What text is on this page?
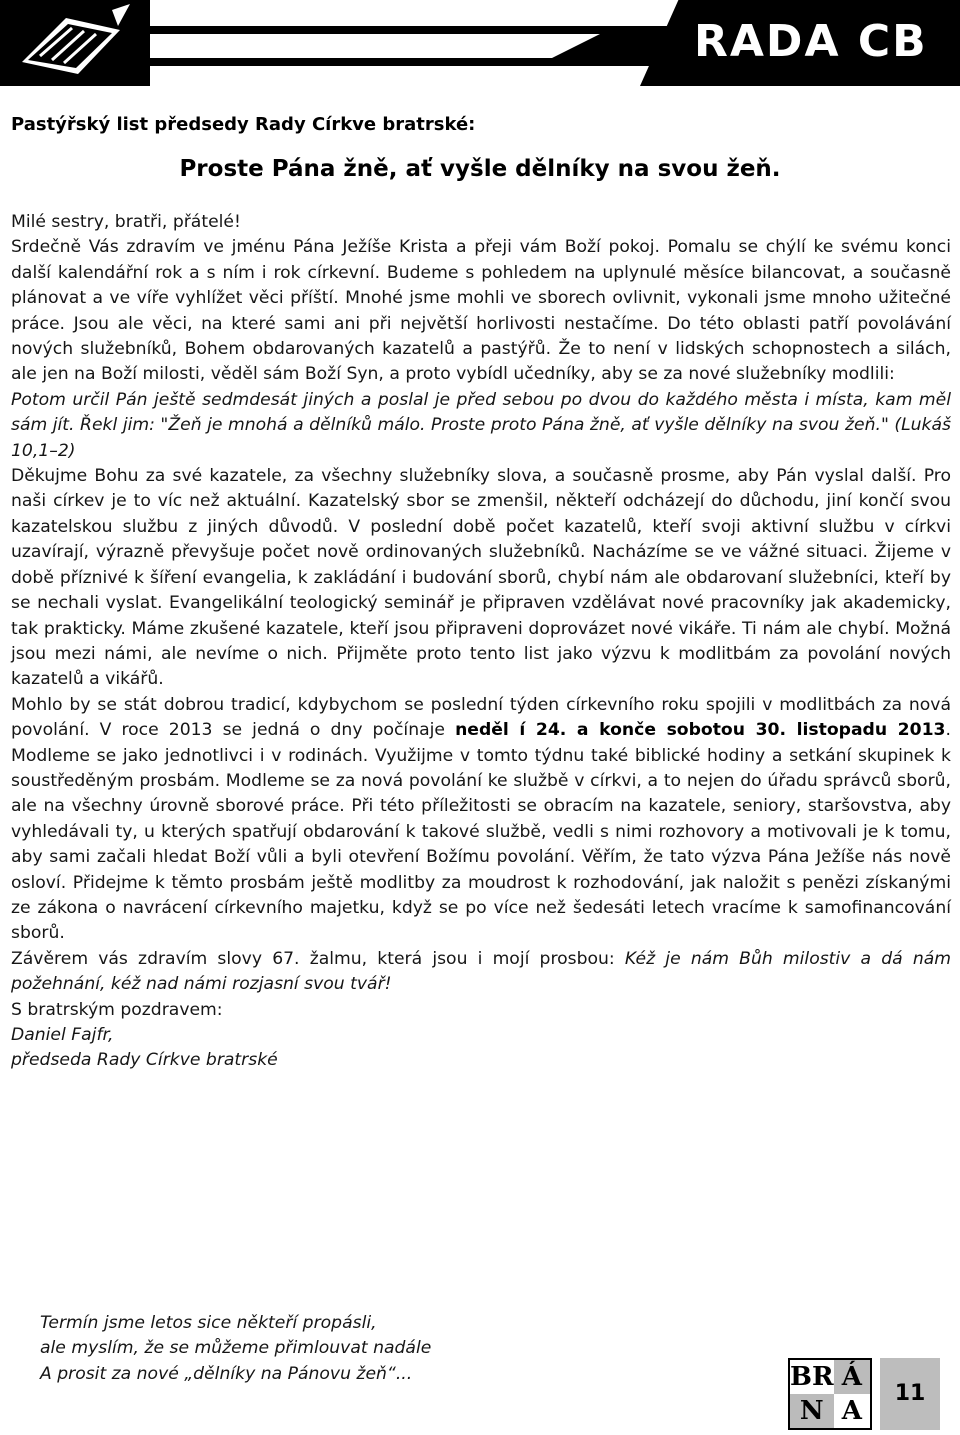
RADA CB
Pastýřský list předsedy Rady Církve bratrské:
Proste Pána žně, ať vyšle dělníky na svou žeň.

Milé sestry, bratři, přátelé!

Srdečně Vás zdravím ve jménu Pána Ježíše Krista a přeji vám Boží pokoj. Pomalu se chýlí ke svému konci další kalendářní rok a s ním i rok církevní. Budeme s pohledem na uplynulé měsíce bilancovat, a současně plánovat a ve víře vyhlížet věci příští. Mnohé jsme mohli ve sborech ovlivnit, vykonali jsme mnoho užitečné práce. Jsou ale věci, na které sami ani při největší horlivosti nestačíme. Do této oblasti patří povolávání nových služebníků, Bohem obdarovaných kazatelů a pastýřů. Že to není v lidských schopnostech a silách, ale jen na Boží milosti, věděl sám Boží Syn, a proto vybídl učedníky, aby se za nové služebníky modlili:

Potom určil Pán ještě sedmdesát jiných a poslal je před sebou po dvou do každého města i místa, kam měl sám jít. Řekl jim: "Žeň je mnohá a dělníků málo. Proste proto Pána žně, ať vyšle dělníky na svou žeň." (Lukáš 10,1–2)

Děkujme Bohu za své kazatele, za všechny služebníky slova, a současně prosme, aby Pán vyslal další. Pro naši církev je to víc než aktuální. Kazatelský sbor se zmenšil, někteří odcházejí do důchodu, jiní končí svou kazatelskou službu z jiných důvodů. V poslední době počet kazatelů, kteří svoji aktivní službu v církvi uzavírají, výrazně převyšuje počet nově ordinovaných služebníků. Nacházíme se ve vážné situaci. Žijeme v době příznivé k šíření evangelia, k zakládání i budování sborů, chybí nám ale obdarovaní služebníci, kteří by se nechali vyslat. Evangelikální teologický seminář je připraven vzdělávat nové pracovníky jak akademicky, tak prakticky. Máme zkušené kazatele, kteří jsou připraveni doprovázet nové vikáře. Ti nám ale chybí. Možná jsou mezi námi, ale nevíme o nich. Přijměte proto tento list jako výzvu k modlitbám za povolání nových kazatelů a vikářů.

Mohlo by se stát dobrou tradicí, kdybychom se poslední týden církevního roku spojili v modlitbách za nová povolání. V roce 2013 se jedná o dny počínaje neděl í 24. a konče sobotou 30. listopadu 2013. Modleme se jako jednotlivci i v rodinách. Využijme v tomto týdnu také biblické hodiny a setkání skupinek k soustředěným prosbám. Modleme se za nová povolání ke službě v církvi, a to nejen do úřadu správců sborů, ale na všechny úrovně sborové práce. Při této příležitosti se obracím na kazatele, seniory, staršovstva, aby vyhledávali ty, u kterých spatřují obdarování k takové službě, vedli s nimi rozhovory a motivovali je k tomu, aby sami začali hledat Boží vůli a byli otevření Božímu povolání. Věřím, že tato výzva Pána Ježíše nás nově osloví. Přidejme k těmto prosbám ještě modlitby za moudrost k rozhodování, jak naložit s penězi získanými ze zákona o navrácení církevního majetku, když se po více než šedesáti letech vracíme k samofinancování sborů.

Závěrem vás zdravím slovy 67. žalmu, která jsou i mojí prosbou: Kéž je nám Bůh milostiv a dá nám požehnání, kéž nad námi rozjasní svou tvář!

S bratrským pozdravem:

Daniel Fajfr,

předseda Rady Církve bratrské

Termín jsme letos sice někteří propásli,
ale myslím, že se můžeme přimlouvat nadále
A prosit za nové „dělníky na Pánovu žeň“...	BR Á
N A
11
